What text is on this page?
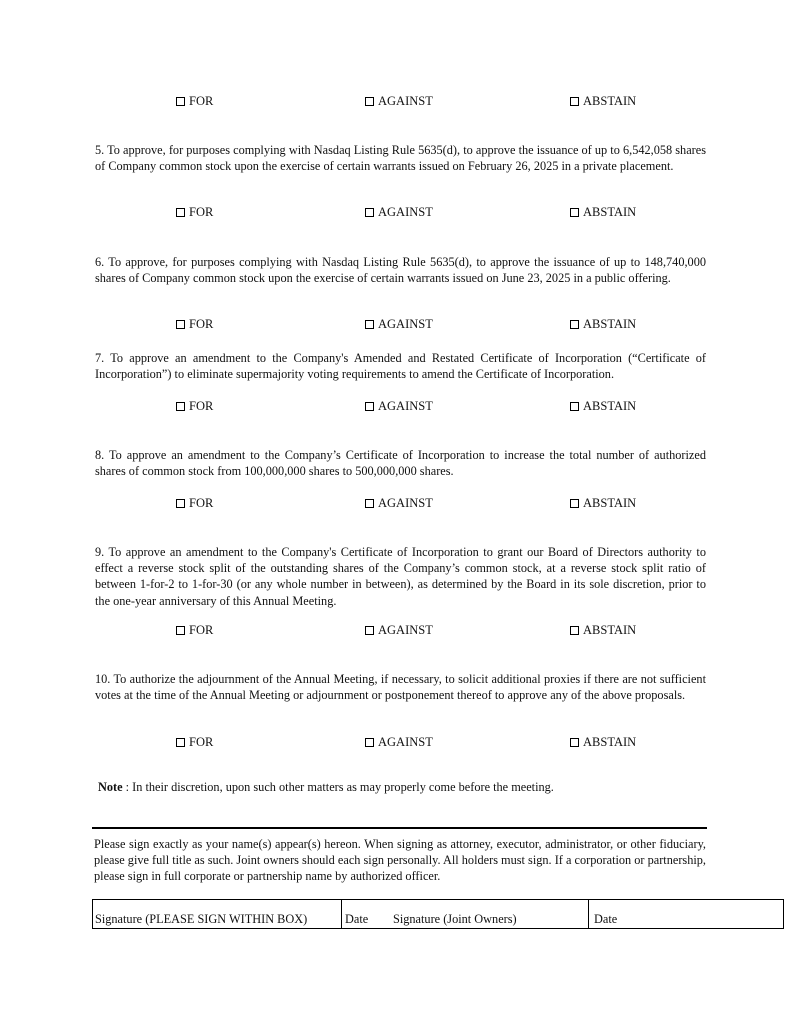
FOR	AGAINST	ABSTAIN
5. To approve, for purposes complying with Nasdaq Listing Rule 5635(d), to approve the issuance of up to 6,542,058 shares of Company common stock upon the exercise of certain warrants issued on February 26, 2025 in a private placement.
FOR	AGAINST	ABSTAIN
6. To approve, for purposes complying with Nasdaq Listing Rule 5635(d), to approve the issuance of up to 148,740,000 shares of Company common stock upon the exercise of certain warrants issued on June 23, 2025 in a public offering.
FOR	AGAINST	ABSTAIN
7. To approve an amendment to the Company's Amended and Restated Certificate of Incorporation (“Certificate of Incorporation”) to eliminate supermajority voting requirements to amend the Certificate of Incorporation.
FOR	AGAINST	ABSTAIN
8. To approve an amendment to the Company’s Certificate of Incorporation to increase the total number of authorized shares of common stock from 100,000,000 shares to 500,000,000 shares.
FOR	AGAINST	ABSTAIN
9. To approve an amendment to the Company's Certificate of Incorporation to grant our Board of Directors authority to effect a reverse stock split of the outstanding shares of the Company’s common stock, at a reverse stock split ratio of between 1-for-2 to 1-for-30 (or any whole number in between), as determined by the Board in its sole discretion, prior to the one-year anniversary of this Annual Meeting.
FOR	AGAINST	ABSTAIN
10. To authorize the adjournment of the Annual Meeting, if necessary, to solicit additional proxies if there are not sufficient votes at the time of the Annual Meeting or adjournment or postponement thereof to approve any of the above proposals.
FOR	AGAINST	ABSTAIN
Note : In their discretion, upon such other matters as may properly come before the meeting.
Please sign exactly as your name(s) appear(s) hereon. When signing as attorney, executor, administrator, or other fiduciary, please give full title as such. Joint owners should each sign personally. All holders must sign. If a corporation or partnership, please sign in full corporate or partnership name by authorized officer.
Signature (PLEASE SIGN WITHIN BOX)	Date Signature (Joint Owners)	Date
